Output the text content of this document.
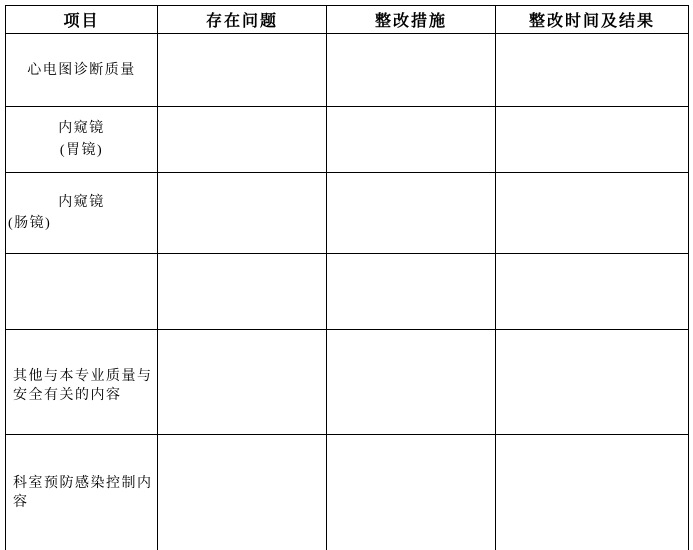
项目	存在问题	整改措施	整改时间及结果

心电图诊断质量			

内窥镜
(胃镜)			

内窥镜
(肠镜)			

其他与本专业质量与
安全有关的内容			

科室预防感染控制内
容			
